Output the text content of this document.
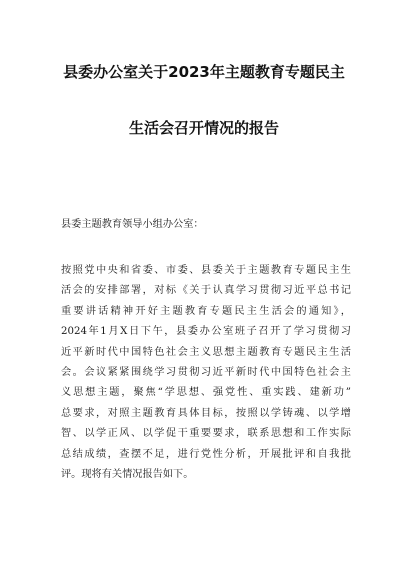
县委办公室关于2023年主题教育专题民主
生活会召开情况的报告
县委主题教育领导小组办公室：
按照党中央和省委、市委、县委关于主题教育专题民主生
活会的安排部署，对标《关于认真学习贯彻习近平总书记
重要讲话精神开好主题教育专题民主生活会的通知》，
2024年1月X日下午，县委办公室班子召开了学习贯彻习
近平新时代中国特色社会主义思想主题教育专题民主生活
会。会议紧紧围绕学习贯彻习近平新时代中国特色社会主
义思想主题，聚焦“学思想、强党性、重实践、建新功”
总要求，对照主题教育具体目标，按照以学铸魂、以学增
智、以学正风、以学促干重要要求，联系思想和工作实际
总结成绩，查摆不足，进行党性分析，开展批评和自我批
评。现将有关情况报告如下。
